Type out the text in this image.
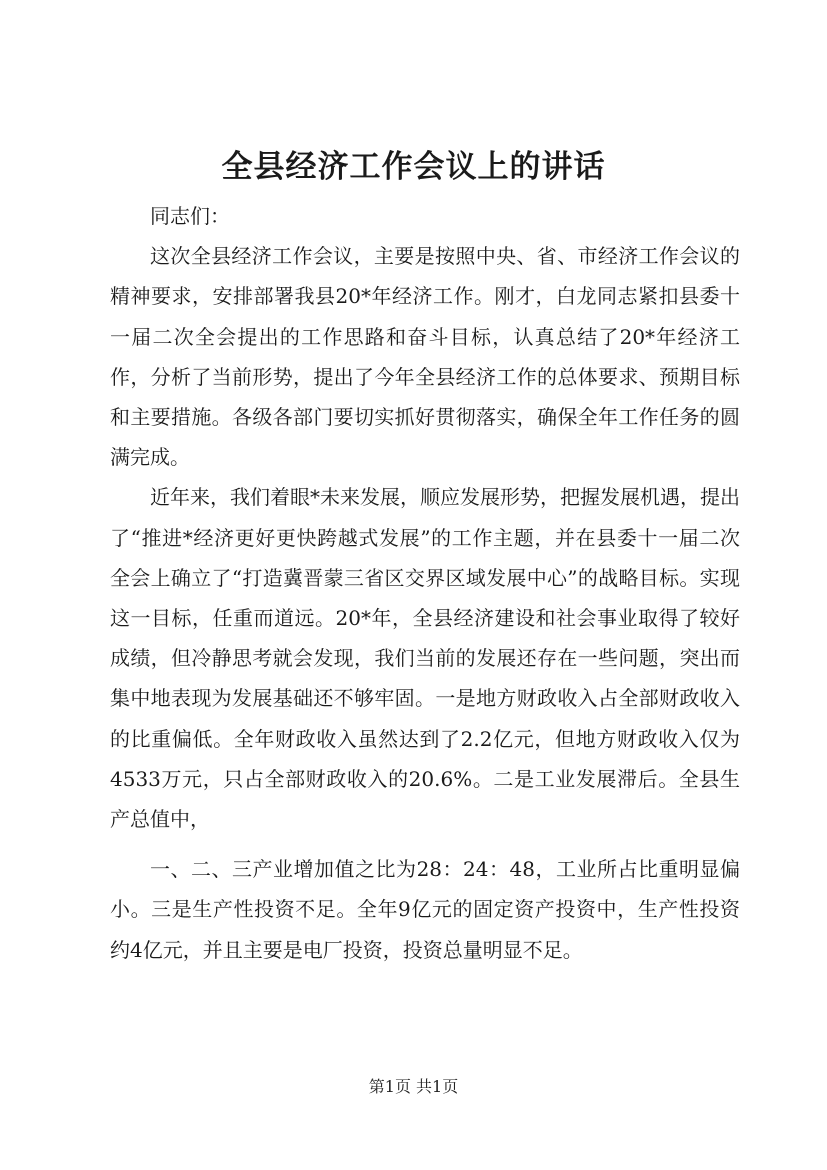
全县经济工作会议上的讲话

同志们：

这次全县经济工作会议，主要是按照中央、省、市经济工作会议的精神要求，安排部署我县20*年经济工作。刚才，白龙同志紧扣县委十一届二次全会提出的工作思路和奋斗目标，认真总结了20*年经济工作，分析了当前形势，提出了今年全县经济工作的总体要求、预期目标和主要措施。各级各部门要切实抓好贯彻落实，确保全年工作任务的圆满完成。

近年来，我们着眼*未来发展，顺应发展形势，把握发展机遇，提出了“推进*经济更好更快跨越式发展”的工作主题，并在县委十一届二次全会上确立了“打造冀晋蒙三省区交界区域发展中心”的战略目标。实现这一目标，任重而道远。20*年，全县经济建设和社会事业取得了较好成绩，但冷静思考就会发现，我们当前的发展还存在一些问题，突出而集中地表现为发展基础还不够牢固。一是地方财政收入占全部财政收入的比重偏低。全年财政收入虽然达到了2.2亿元，但地方财政收入仅为4533万元，只占全部财政收入的20.6%。二是工业发展滞后。全县生产总值中，

一、二、三产业增加值之比为28：24：48，工业所占比重明显偏小。三是生产性投资不足。全年9亿元的固定资产投资中，生产性投资约4亿元，并且主要是电厂投资，投资总量明显不足。

第1页 共1页
